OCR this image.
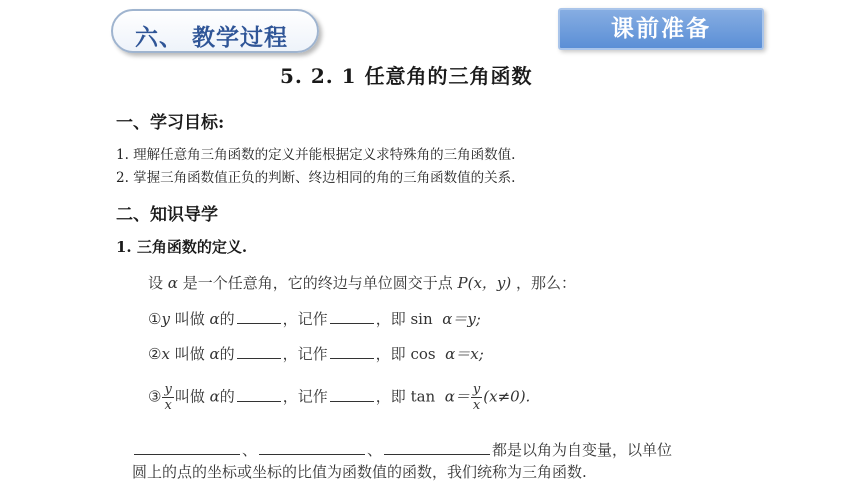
六、 教学过程	课前准备
5. 2. 1 任意角的三角函数
一、学习目标:
1. 理解任意角三角函数的定义并能根据定义求特殊角的三角函数值.
2. 掌握三角函数值正负的判断、终边相同的角的三角函数值的关系.
二、知识导学
1. 三角函数的定义.
设 α 是一个任意角，它的终边与单位圆交于点 P(x，y) ，那么：
①y 叫做 α的	，记作	，即 sin α＝y;
②x 叫做 α的	，记作	，即 cos α＝x;
③ $\frac{y}{x}$ 叫做 α的	，记作	，即 $\tan \alpha= \frac{y}{x} (x\ne 0)$.
、	、	都是以角为自变量，以单位
圆上的点的坐标或坐标的比值为函数值的函数，我们统称为三角函数.
